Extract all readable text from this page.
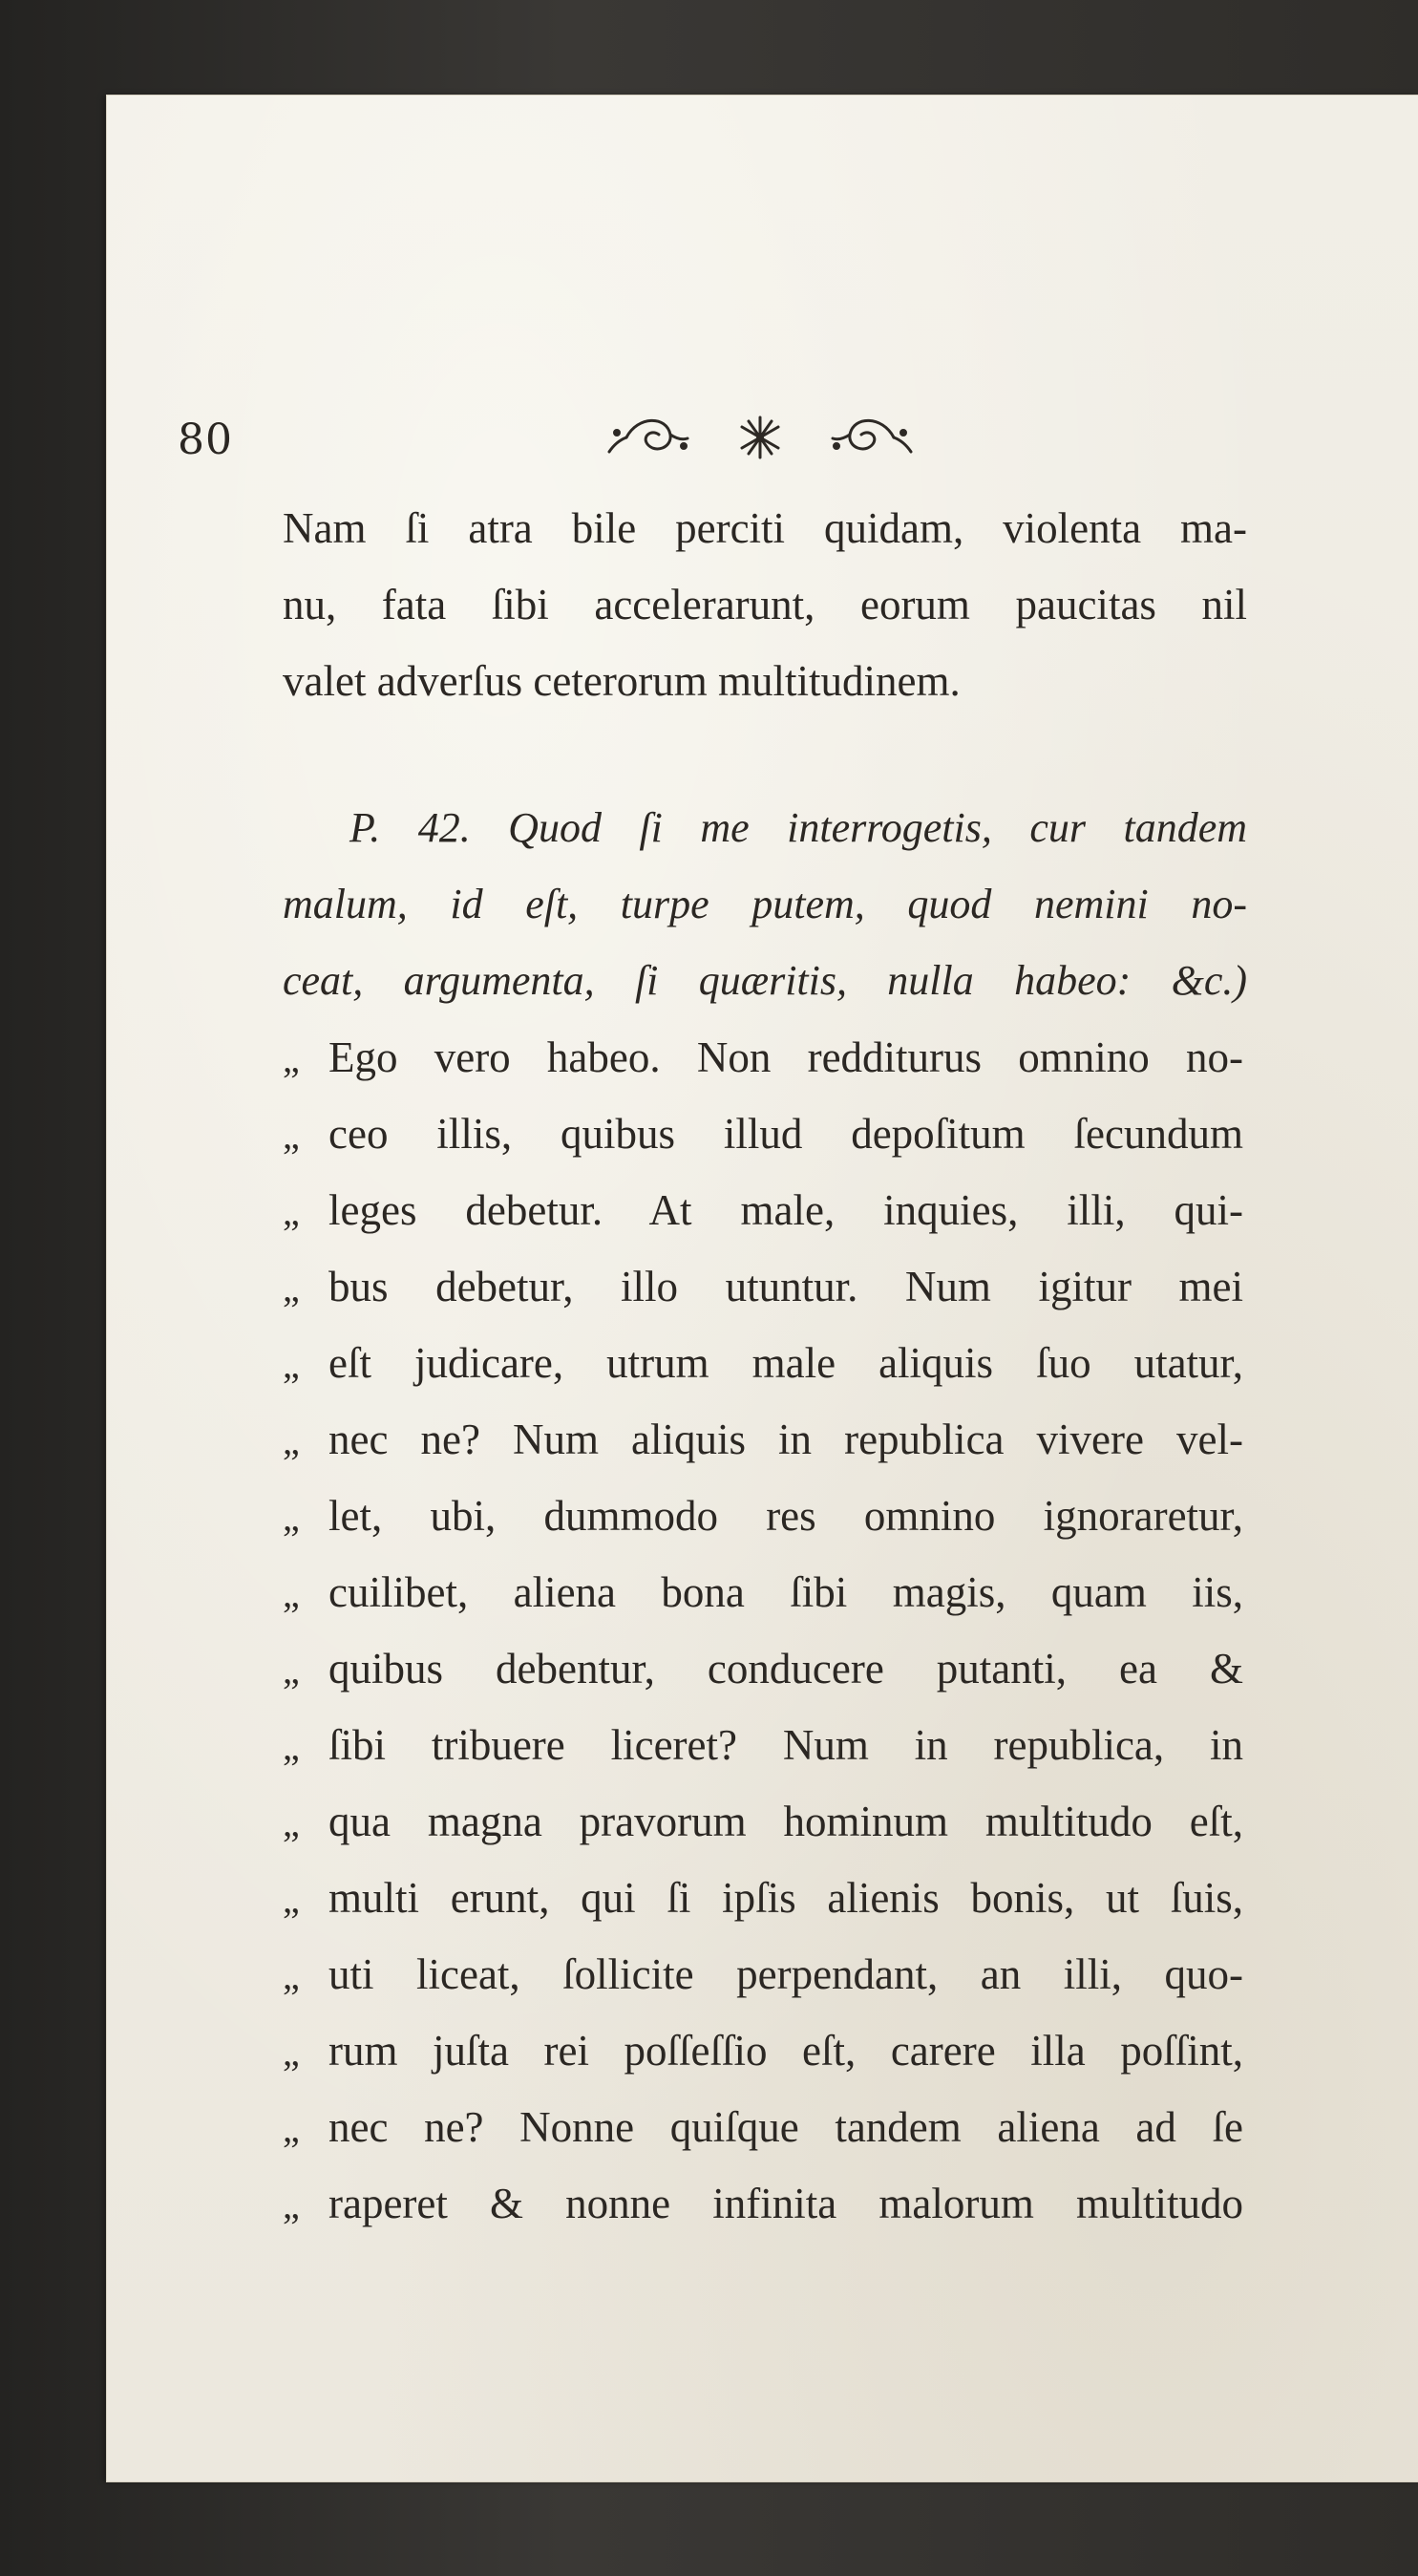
80
Nam ſi atra bile perciti quidam, violenta ma-
nu, fata ſibi accelerarunt, eorum paucitas nil
valet adverſus ceterorum multitudinem.
P. 42. Quod ſi me interrogetis, cur tandem
malum, id eſt, turpe putem, quod nemini no-
ceat, argumenta, ſi quæritis, nulla habeo: &c.)
„ Ego vero habeo. Non redditurus omnino no-
„ ceo illis, quibus illud depoſitum ſecundum
„ leges debetur. At male, inquies, illi, qui-
„ bus debetur, illo utuntur. Num igitur mei
„ eſt judicare, utrum male aliquis ſuo utatur,
„ nec ne? Num aliquis in republica vivere vel-
„ let, ubi, dummodo res omnino ignoraretur,
„ cuilibet, aliena bona ſibi magis, quam iis,
„ quibus debentur, conducere putanti, ea &
„ ſibi tribuere liceret? Num in republica, in
„ qua magna pravorum hominum multitudo eſt,
„ multi erunt, qui ſi ipſis alienis bonis, ut ſuis,
„ uti liceat, ſollicite perpendant, an illi, quo-
„ rum juſta rei poſſeſſio eſt, carere illa poſſint,
„ nec ne? Nonne quiſque tandem aliena ad ſe
„ raperet & nonne infinita malorum multitudo
